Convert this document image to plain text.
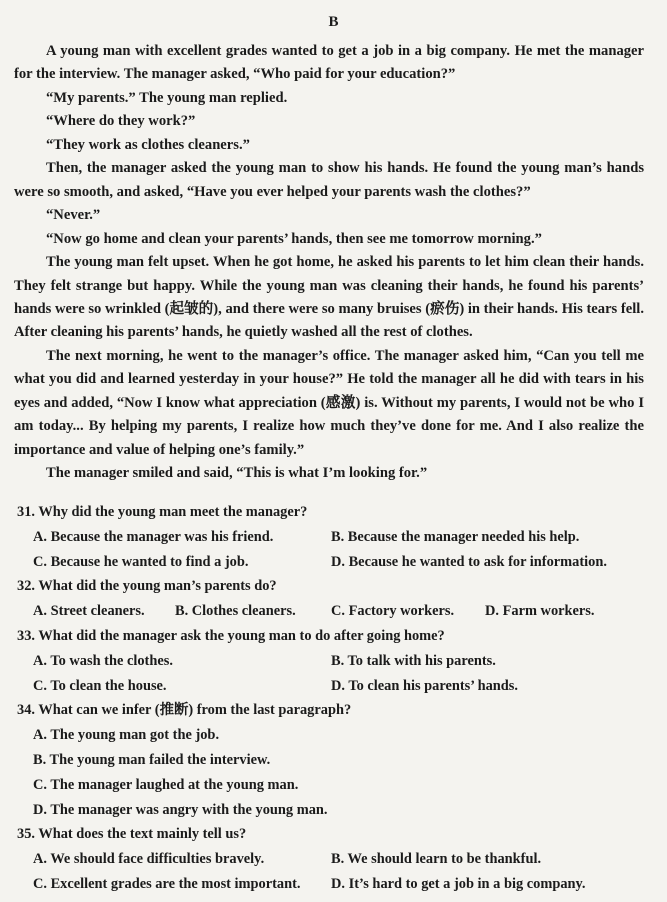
B

A young man with excellent grades wanted to get a job in a big company. He met the manager for the interview. The manager asked, “Who paid for your education?”

“My parents.” The young man replied.

“Where do they work?”

“They work as clothes cleaners.”

Then, the manager asked the young man to show his hands. He found the young man’s hands were so smooth, and asked, “Have you ever helped your parents wash the clothes?”

“Never.”

“Now go home and clean your parents’ hands, then see me tomorrow morning.”

The young man felt upset. When he got home, he asked his parents to let him clean their hands. They felt strange but happy. While the young man was cleaning their hands, he found his parents’ hands were so wrinkled (起皱的), and there were so many bruises (瘀伤) in their hands. His tears fell. After cleaning his parents’ hands, he quietly washed all the rest of clothes.

The next morning, he went to the manager’s office. The manager asked him, “Can you tell me what you did and learned yesterday in your house?” He told the manager all he did with tears in his eyes and added, “Now I know what appreciation (感激) is. Without my parents, I would not be who I am today... By helping my parents, I realize how much they’ve done for me. And I also realize the importance and value of helping one’s family.”

The manager smiled and said, “This is what I’m looking for.”

31. Why did the young man meet the manager?
A. Because the manager was his friend.	B. Because the manager needed his help.
C. Because he wanted to find a job.	D. Because he wanted to ask for information.
32. What did the young man’s parents do?
A. Street cleaners.	B. Clothes cleaners.	C. Factory workers.	D. Farm workers.
33. What did the manager ask the young man to do after going home?
A. To wash the clothes.	B. To talk with his parents.
C. To clean the house.	D. To clean his parents’ hands.
34. What can we infer (推断) from the last paragraph?
A. The young man got the job.
B. The young man failed the interview.
C. The manager laughed at the young man.
D. The manager was angry with the young man.
35. What does the text mainly tell us?
A. We should face difficulties bravely.	B. We should learn to be thankful.
C. Excellent grades are the most important.	D. It’s hard to get a job in a big company.
